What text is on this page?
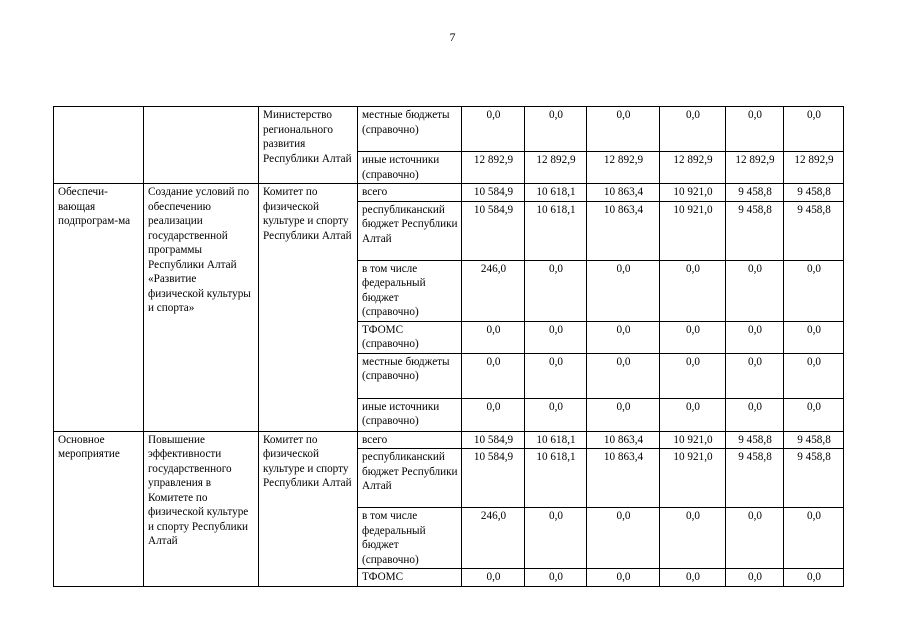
7

		Министерство регионального развития Республики Алтай	местные бюджеты (справочно)	0,0	0,0	0,0	0,0	0,0	0,0
			иные источники (справочно)	12 892,9	12 892,9	12 892,9	12 892,9	12 892,9	12 892,9

Обеспечи-вающая подпрограм-ма	Создание условий по обеспечению реализации государственной программы Республики Алтай «Развитие физической культуры и спорта»	Комитет по физической культуре и спорту Республики Алтай	всего	10 584,9	10 618,1	10 863,4	10 921,0	9 458,8	9 458,8
			республиканский бюджет Республики Алтай	10 584,9	10 618,1	10 863,4	10 921,0	9 458,8	9 458,8
			в том числе федеральный бюджет (справочно)	246,0	0,0	0,0	0,0	0,0	0,0
			ТФОМС (справочно)	0,0	0,0	0,0	0,0	0,0	0,0
			местные бюджеты (справочно)	0,0	0,0	0,0	0,0	0,0	0,0
			иные источники (справочно)	0,0	0,0	0,0	0,0	0,0	0,0

Основное мероприятие	Повышение эффективности государственного управления в Комитете по физической культуре и спорту Республики Алтай	Комитет по физической культуре и спорту Республики Алтай	всего	10 584,9	10 618,1	10 863,4	10 921,0	9 458,8	9 458,8
			республиканский бюджет Республики Алтай	10 584,9	10 618,1	10 863,4	10 921,0	9 458,8	9 458,8
			в том числе федеральный бюджет (справочно)	246,0	0,0	0,0	0,0	0,0	0,0
			ТФОМС	0,0	0,0	0,0	0,0	0,0	0,0
